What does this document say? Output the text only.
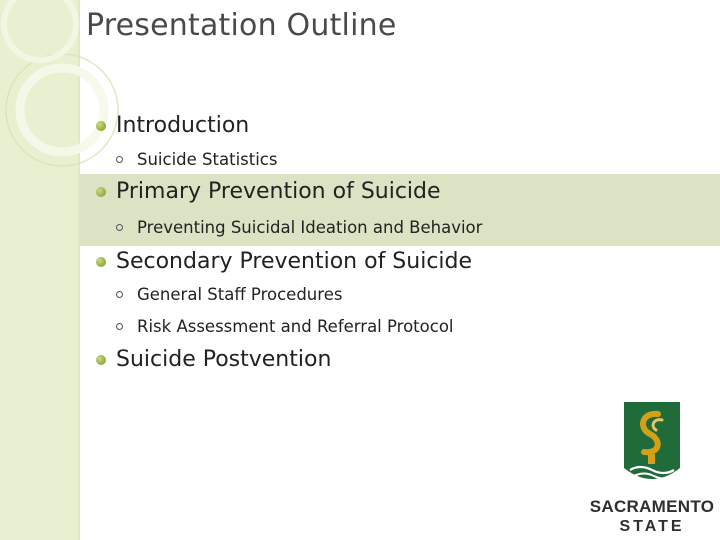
Presentation Outline
Introduction
Suicide Statistics
Primary Prevention of Suicide
Preventing Suicidal Ideation and Behavior
Secondary Prevention of Suicide
General Staff Procedures
Risk Assessment and Referral Protocol
Suicide Postvention
SACRAMENTO
STATE
